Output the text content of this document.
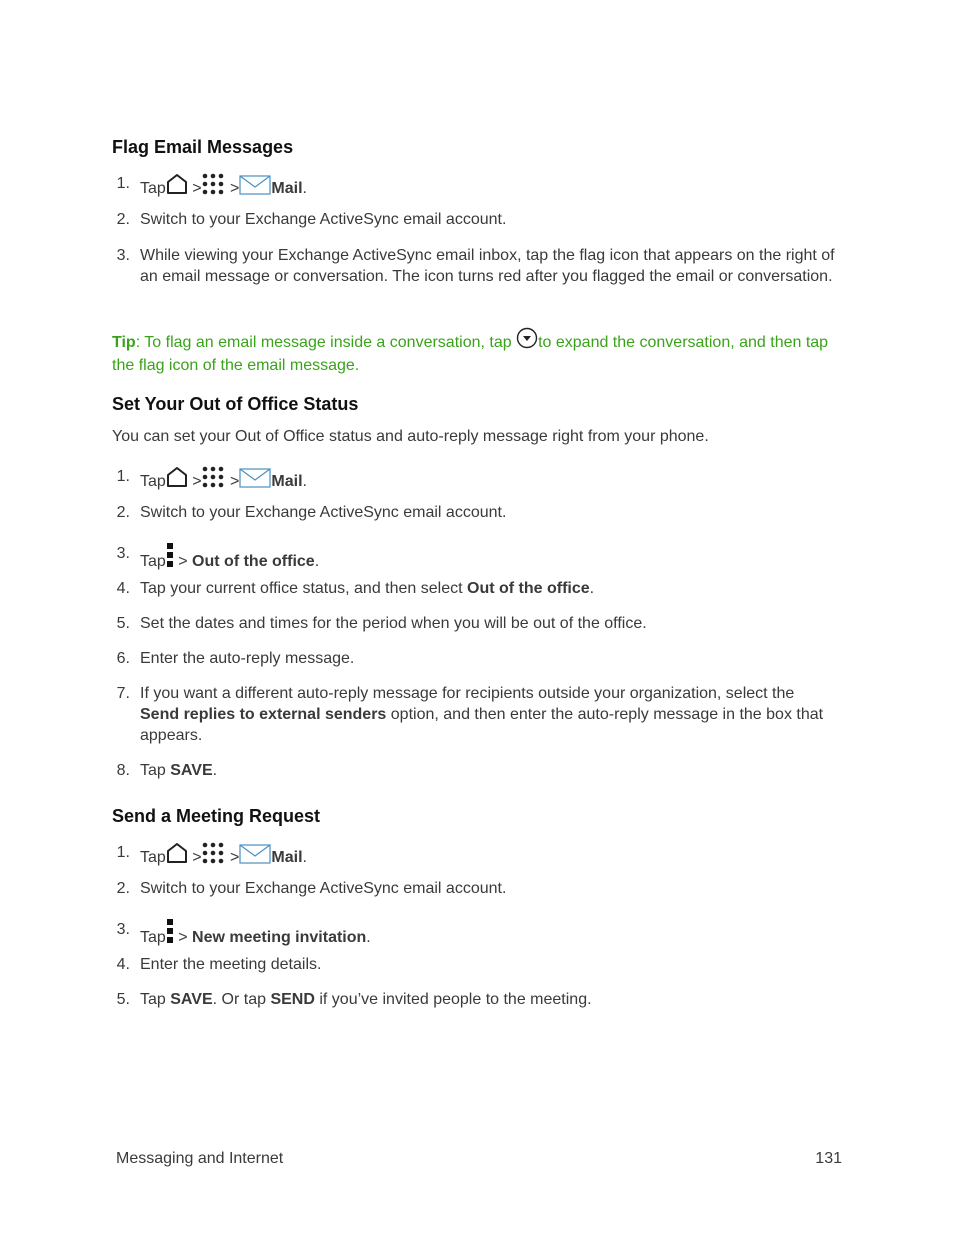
Flag Email Messages
1. Tap > > Mail.
2. Switch to your Exchange ActiveSync email account.
3. While viewing your Exchange ActiveSync email inbox, tap the flag icon that appears on the right of an email message or conversation. The icon turns red after you flagged the email or conversation.
Tip: To flag an email message inside a conversation, tap to expand the conversation, and then tap the flag icon of the email message.
Set Your Out of Office Status
You can set your Out of Office status and auto-reply message right from your phone.
1. Tap > > Mail.
2. Switch to your Exchange ActiveSync email account.
3. Tap > Out of the office.
4. Tap your current office status, and then select Out of the office.
5. Set the dates and times for the period when you will be out of the office.
6. Enter the auto-reply message.
7. If you want a different auto-reply message for recipients outside your organization, select the Send replies to external senders option, and then enter the auto-reply message in the box that appears.
8. Tap SAVE.
Send a Meeting Request
1. Tap > > Mail.
2. Switch to your Exchange ActiveSync email account.
3. Tap > New meeting invitation.
4. Enter the meeting details.
5. Tap SAVE. Or tap SEND if you’ve invited people to the meeting.
Messaging and Internet	131
